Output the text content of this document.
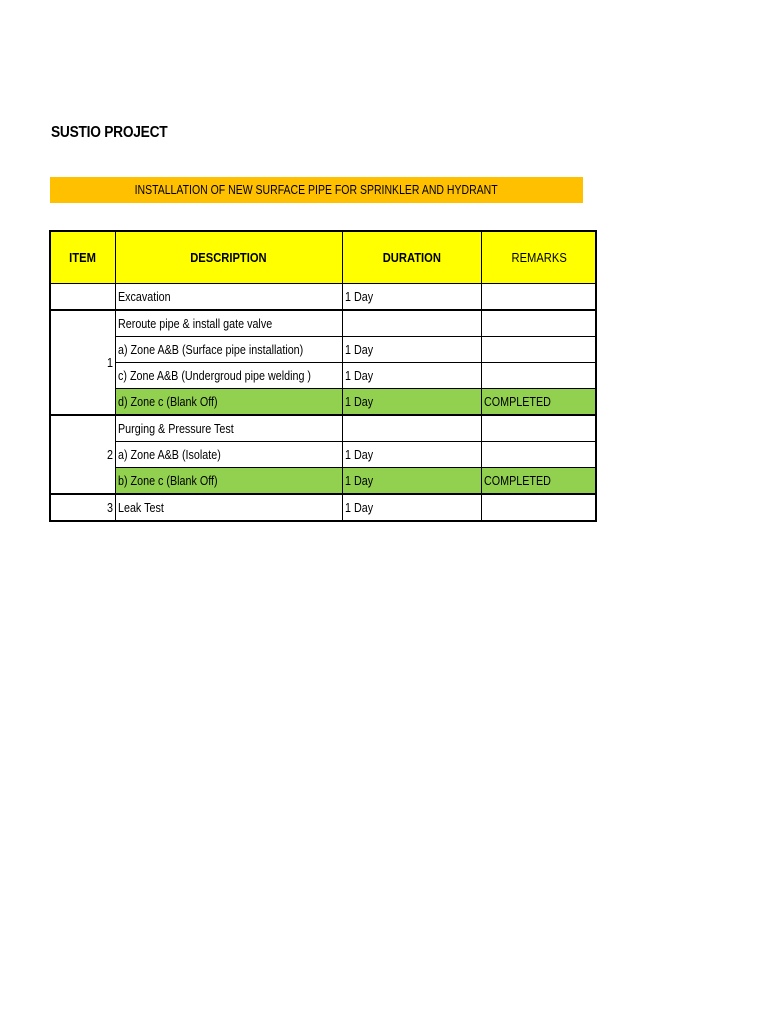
SUSTIO PROJECT
INSTALLATION OF NEW SURFACE PIPE FOR SPRINKLER AND HYDRANT
ITEM	DESCRIPTION	DURATION	REMARKS
	Excavation	1 Day	
1	Reroute pipe & install gate valve		
	a) Zone A&B (Surface pipe installation)	1 Day	
	c) Zone A&B (Undergroud pipe welding )	1 Day	
	d) Zone c (Blank Off)	1 Day	COMPLETED
2	Purging & Pressure Test		
	a) Zone A&B (Isolate)	1 Day	
	b) Zone c (Blank Off)	1 Day	COMPLETED
3	Leak Test	1 Day	
